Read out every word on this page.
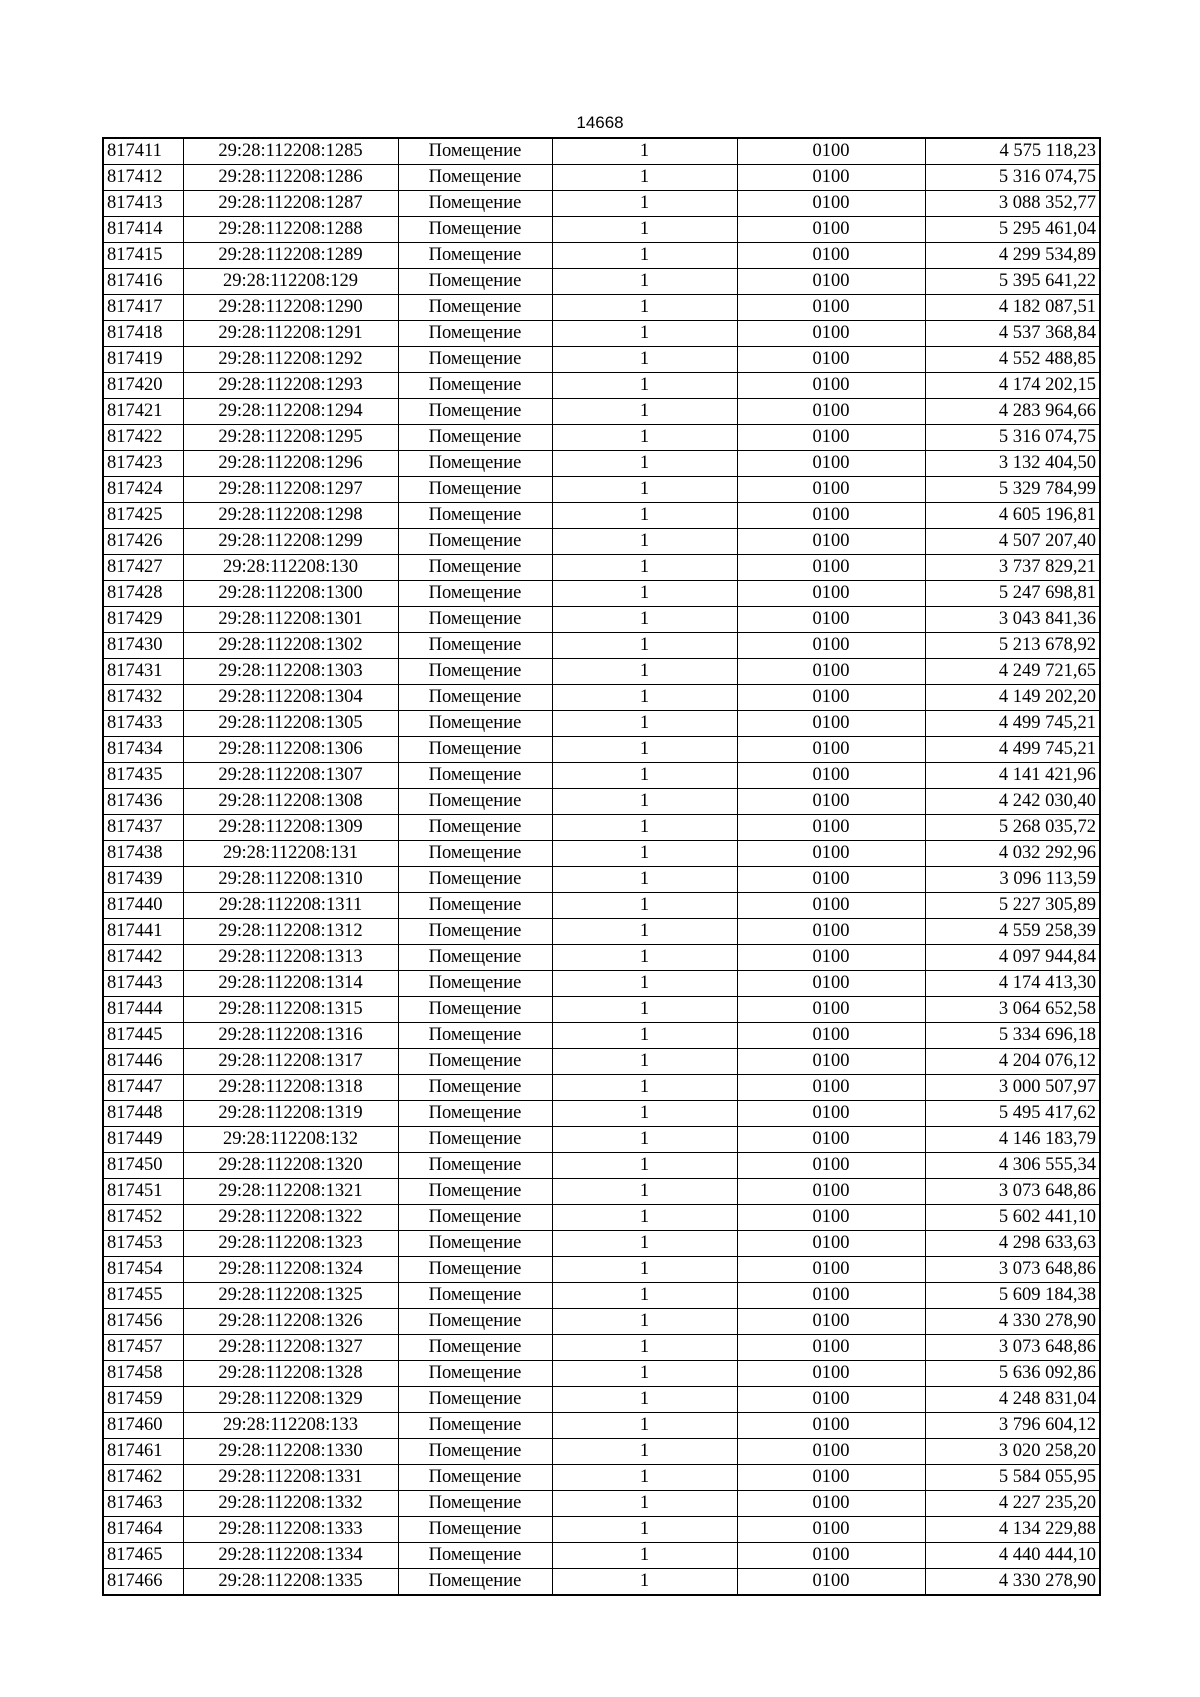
14668
817411	29:28:112208:1285	Помещение	1	0100	4 575 118,23
817412	29:28:112208:1286	Помещение	1	0100	5 316 074,75
817413	29:28:112208:1287	Помещение	1	0100	3 088 352,77
817414	29:28:112208:1288	Помещение	1	0100	5 295 461,04
817415	29:28:112208:1289	Помещение	1	0100	4 299 534,89
817416	29:28:112208:129	Помещение	1	0100	5 395 641,22
817417	29:28:112208:1290	Помещение	1	0100	4 182 087,51
817418	29:28:112208:1291	Помещение	1	0100	4 537 368,84
817419	29:28:112208:1292	Помещение	1	0100	4 552 488,85
817420	29:28:112208:1293	Помещение	1	0100	4 174 202,15
817421	29:28:112208:1294	Помещение	1	0100	4 283 964,66
817422	29:28:112208:1295	Помещение	1	0100	5 316 074,75
817423	29:28:112208:1296	Помещение	1	0100	3 132 404,50
817424	29:28:112208:1297	Помещение	1	0100	5 329 784,99
817425	29:28:112208:1298	Помещение	1	0100	4 605 196,81
817426	29:28:112208:1299	Помещение	1	0100	4 507 207,40
817427	29:28:112208:130	Помещение	1	0100	3 737 829,21
817428	29:28:112208:1300	Помещение	1	0100	5 247 698,81
817429	29:28:112208:1301	Помещение	1	0100	3 043 841,36
817430	29:28:112208:1302	Помещение	1	0100	5 213 678,92
817431	29:28:112208:1303	Помещение	1	0100	4 249 721,65
817432	29:28:112208:1304	Помещение	1	0100	4 149 202,20
817433	29:28:112208:1305	Помещение	1	0100	4 499 745,21
817434	29:28:112208:1306	Помещение	1	0100	4 499 745,21
817435	29:28:112208:1307	Помещение	1	0100	4 141 421,96
817436	29:28:112208:1308	Помещение	1	0100	4 242 030,40
817437	29:28:112208:1309	Помещение	1	0100	5 268 035,72
817438	29:28:112208:131	Помещение	1	0100	4 032 292,96
817439	29:28:112208:1310	Помещение	1	0100	3 096 113,59
817440	29:28:112208:1311	Помещение	1	0100	5 227 305,89
817441	29:28:112208:1312	Помещение	1	0100	4 559 258,39
817442	29:28:112208:1313	Помещение	1	0100	4 097 944,84
817443	29:28:112208:1314	Помещение	1	0100	4 174 413,30
817444	29:28:112208:1315	Помещение	1	0100	3 064 652,58
817445	29:28:112208:1316	Помещение	1	0100	5 334 696,18
817446	29:28:112208:1317	Помещение	1	0100	4 204 076,12
817447	29:28:112208:1318	Помещение	1	0100	3 000 507,97
817448	29:28:112208:1319	Помещение	1	0100	5 495 417,62
817449	29:28:112208:132	Помещение	1	0100	4 146 183,79
817450	29:28:112208:1320	Помещение	1	0100	4 306 555,34
817451	29:28:112208:1321	Помещение	1	0100	3 073 648,86
817452	29:28:112208:1322	Помещение	1	0100	5 602 441,10
817453	29:28:112208:1323	Помещение	1	0100	4 298 633,63
817454	29:28:112208:1324	Помещение	1	0100	3 073 648,86
817455	29:28:112208:1325	Помещение	1	0100	5 609 184,38
817456	29:28:112208:1326	Помещение	1	0100	4 330 278,90
817457	29:28:112208:1327	Помещение	1	0100	3 073 648,86
817458	29:28:112208:1328	Помещение	1	0100	5 636 092,86
817459	29:28:112208:1329	Помещение	1	0100	4 248 831,04
817460	29:28:112208:133	Помещение	1	0100	3 796 604,12
817461	29:28:112208:1330	Помещение	1	0100	3 020 258,20
817462	29:28:112208:1331	Помещение	1	0100	5 584 055,95
817463	29:28:112208:1332	Помещение	1	0100	4 227 235,20
817464	29:28:112208:1333	Помещение	1	0100	4 134 229,88
817465	29:28:112208:1334	Помещение	1	0100	4 440 444,10
817466	29:28:112208:1335	Помещение	1	0100	4 330 278,90
